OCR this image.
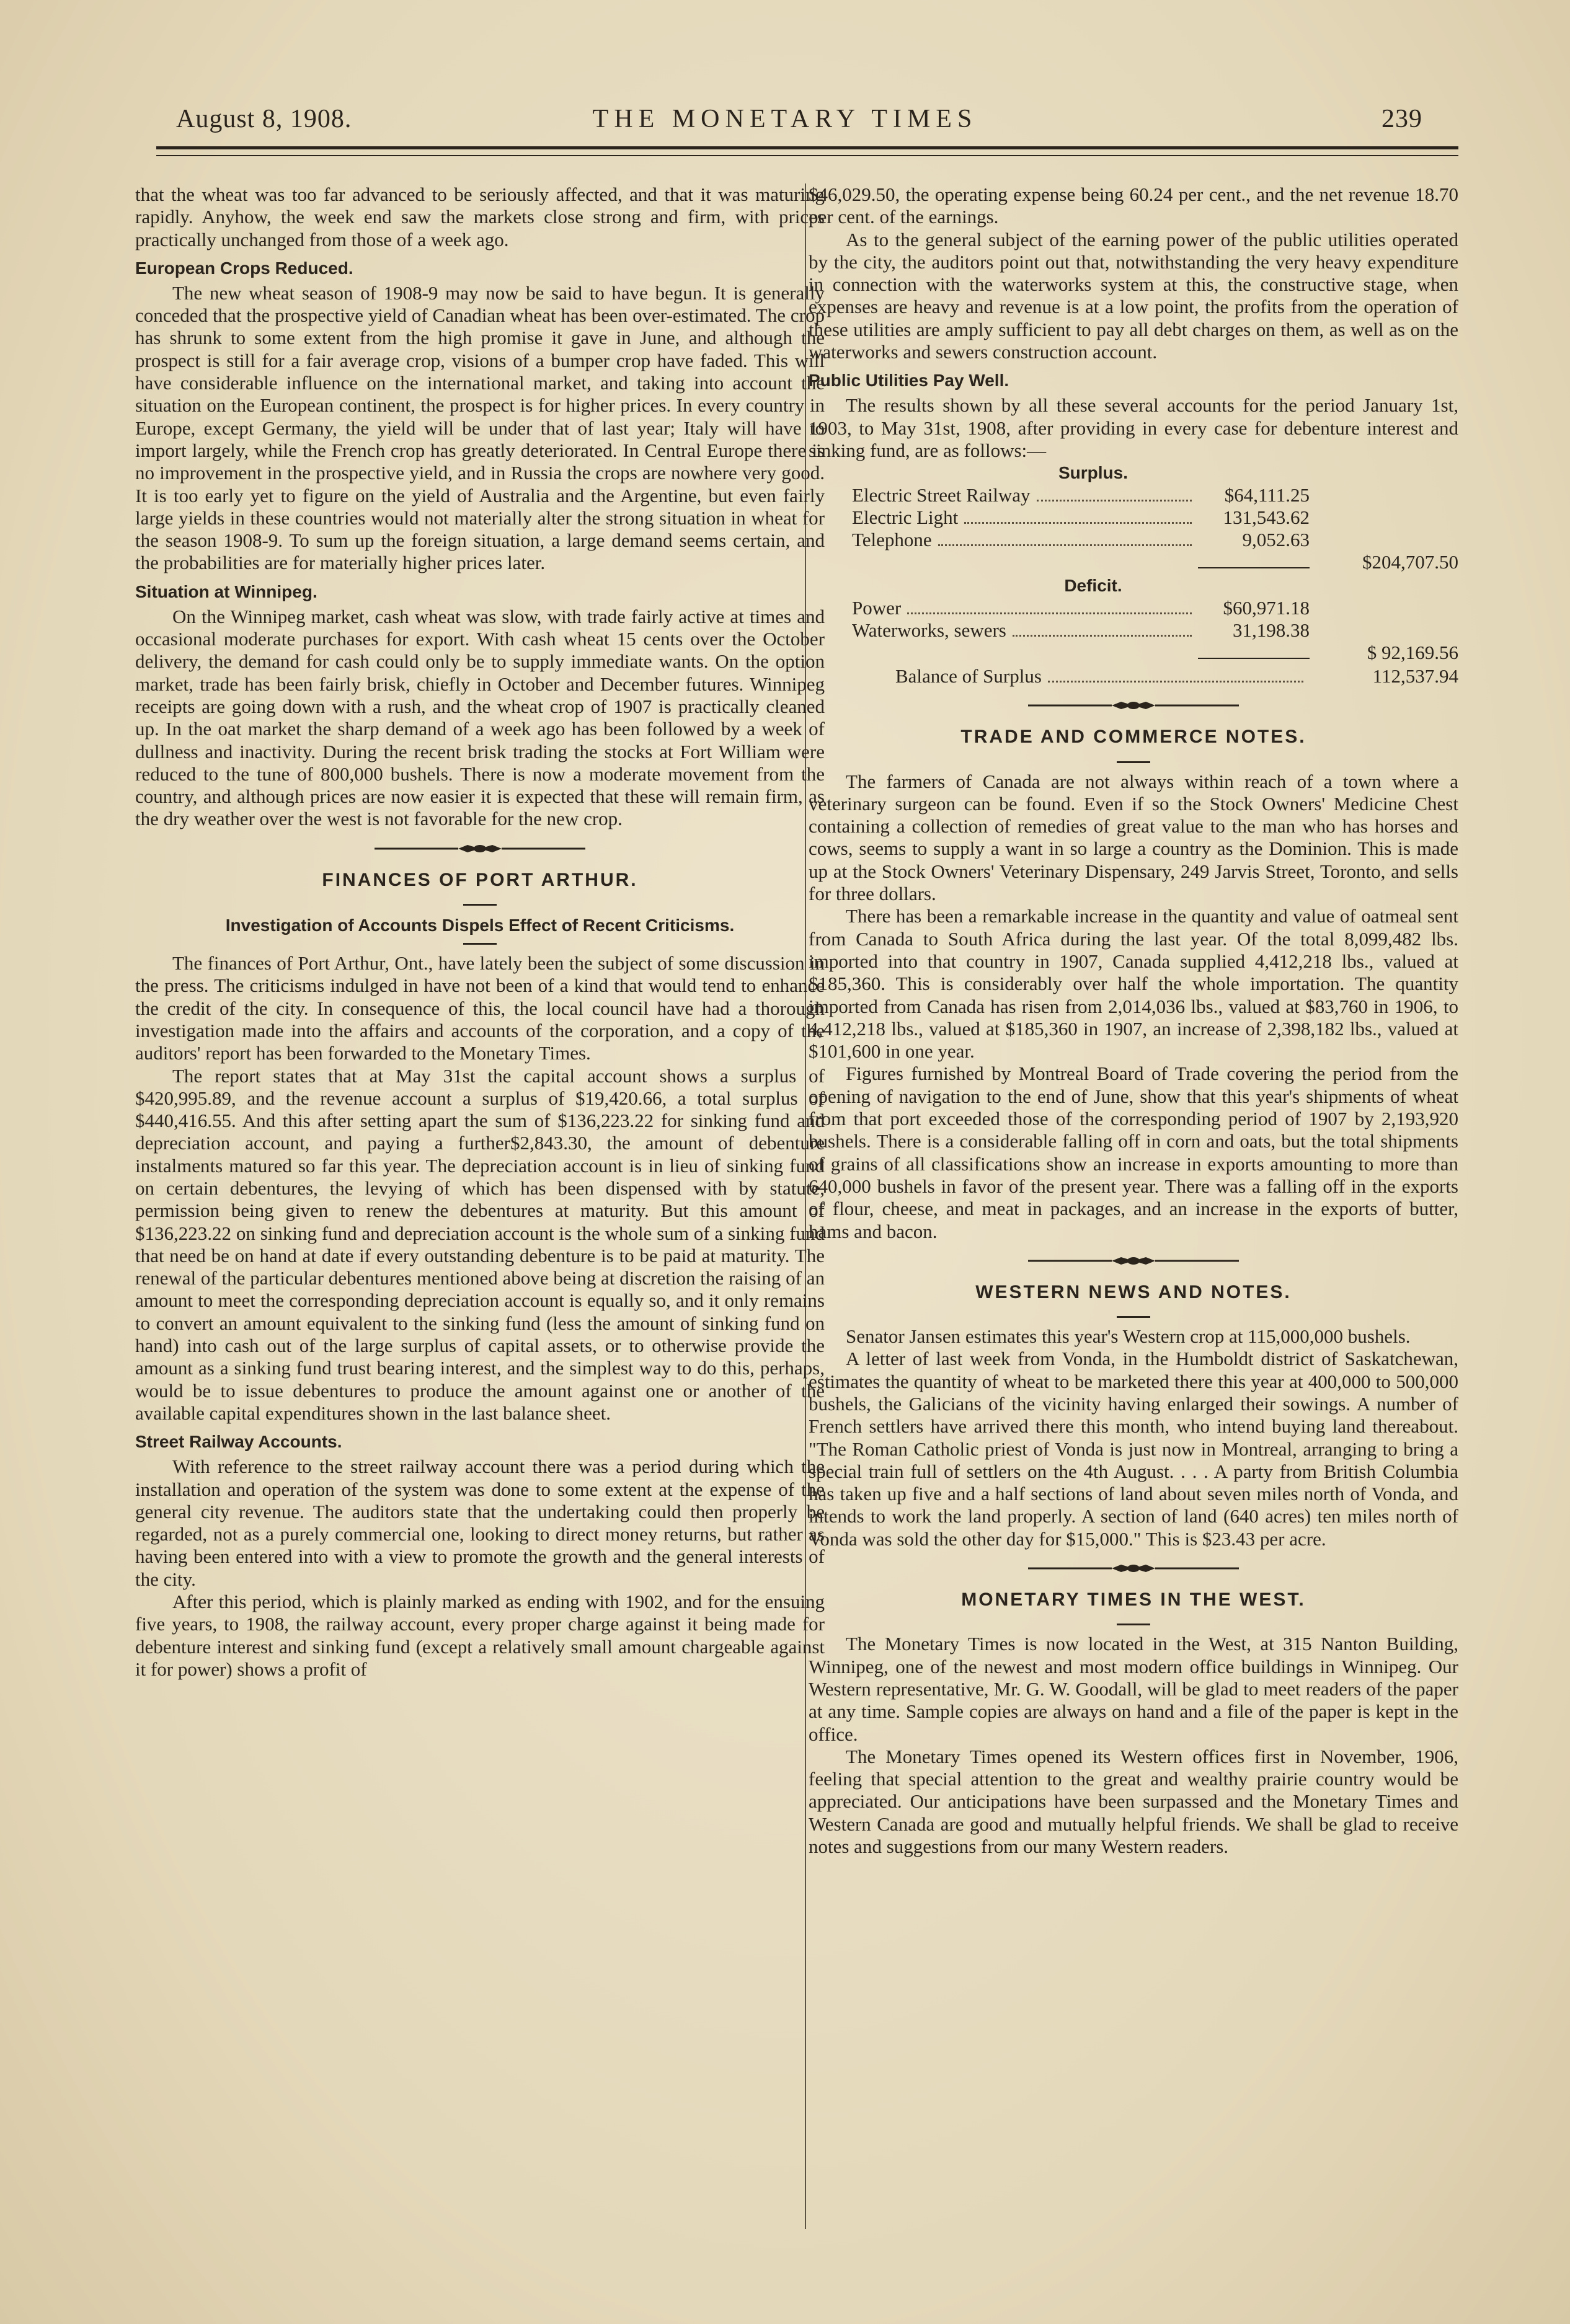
August 8, 1908.	THE MONETARY TIMES	239

that the wheat was too far advanced to be seriously affected, and that it was maturing rapidly. Anyhow, the week end saw the markets close strong and firm, with prices practically unchanged from those of a week ago.

European Crops Reduced.

The new wheat season of 1908-9 may now be said to have begun. It is generally conceded that the prospective yield of Canadian wheat has been over-estimated. The crop has shrunk to some extent from the high promise it gave in June, and although the prospect is still for a fair average crop, visions of a bumper crop have faded. This will have considerable influence on the international market, and taking into account the situation on the European continent, the prospect is for higher prices. In every country in Europe, except Germany, the yield will be under that of last year; Italy will have to import largely, while the French crop has greatly deteriorated. In Central Europe there is no improvement in the prospective yield, and in Russia the crops are nowhere very good. It is too early yet to figure on the yield of Australia and the Argentine, but even fairly large yields in these countries would not materially alter the strong situation in wheat for the season 1908-9. To sum up the foreign situation, a large demand seems certain, and the probabilities are for materially higher prices later.

Situation at Winnipeg.

On the Winnipeg market, cash wheat was slow, with trade fairly active at times and occasional moderate purchases for export. With cash wheat 15 cents over the October delivery, the demand for cash could only be to supply immediate wants. On the option market, trade has been fairly brisk, chiefly in October and December futures. Winnipeg receipts are going down with a rush, and the wheat crop of 1907 is practically cleaned up. In the oat market the sharp demand of a week ago has been followed by a week of dullness and inactivity. During the recent brisk trading the stocks at Fort William were reduced to the tune of 800,000 bushels. There is now a moderate movement from the country, and although prices are now easier it is expected that these will remain firm, as the dry weather over the west is not favorable for the new crop.

FINANCES OF PORT ARTHUR.
Investigation of Accounts Dispels Effect of Recent Criticisms.

The finances of Port Arthur, Ont., have lately been the subject of some discussion in the press. The criticisms indulged in have not been of a kind that would tend to enhance the credit of the city. In consequence of this, the local council have had a thorough investigation made into the affairs and accounts of the corporation, and a copy of the auditors' report has been forwarded to the Monetary Times.

The report states that at May 31st the capital account shows a surplus of $420,995.89, and the revenue account a surplus of $19,420.66, a total surplus of $440,416.55. And this after setting apart the sum of $136,223.22 for sinking fund and depreciation account, and paying a further$2,843.30, the amount of debenture instalments matured so far this year. The depreciation account is in lieu of sinking fund on certain debentures, the levying of which has been dispensed with by statute, permission being given to renew the debentures at maturity. But this amount of $136,223.22 on sinking fund and depreciation account is the whole sum of a sinking fund that need be on hand at date if every outstanding debenture is to be paid at maturity. The renewal of the particular debentures mentioned above being at discretion the raising of an amount to meet the corresponding depreciation account is equally so, and it only remains to convert an amount equivalent to the sinking fund (less the amount of sinking fund on hand) into cash out of the large surplus of capital assets, or to otherwise provide the amount as a sinking fund trust bearing interest, and the simplest way to do this, perhaps, would be to issue debentures to produce the amount against one or another of the available capital expenditures shown in the last balance sheet.

Street Railway Accounts.

With reference to the street railway account there was a period during which the installation and operation of the system was done to some extent at the expense of the general city revenue. The auditors state that the undertaking could then properly be regarded, not as a purely commercial one, looking to direct money returns, but rather as having been entered into with a view to promote the growth and the general interests of the city.

After this period, which is plainly marked as ending with 1902, and for the ensuing five years, to 1908, the railway account, every proper charge against it being made for debenture interest and sinking fund (except a relatively small amount chargeable against it for power) shows a profit of

$46,029.50, the operating expense being 60.24 per cent., and the net revenue 18.70 per cent. of the earnings.

As to the general subject of the earning power of the public utilities operated by the city, the auditors point out that, notwithstanding the very heavy expenditure in connection with the waterworks system at this, the constructive stage, when expenses are heavy and revenue is at a low point, the profits from the operation of these utilities are amply sufficient to pay all debt charges on them, as well as on the waterworks and sewers construction account.

Public Utilities Pay Well.

The results shown by all these several accounts for the period January 1st, 1903, to May 31st, 1908, after providing in every case for debenture interest and sinking fund, are as follows:—

Surplus.
Electric Street Railway	$64,111.25
Electric Light	131,543.62
Telephone	9,052.63
$204,707.50
Deficit.
Power	$60,971.18
Waterworks, sewers	31,198.38
$ 92,169.56
Balance of Surplus	112,537.94
TRADE AND COMMERCE NOTES.

The farmers of Canada are not always within reach of a town where a veterinary surgeon can be found. Even if so the Stock Owners' Medicine Chest containing a collection of remedies of great value to the man who has horses and cows, seems to supply a want in so large a country as the Dominion. This is made up at the Stock Owners' Veterinary Dispensary, 249 Jarvis Street, Toronto, and sells for three dollars.

There has been a remarkable increase in the quantity and value of oatmeal sent from Canada to South Africa during the last year. Of the total 8,099,482 lbs. imported into that country in 1907, Canada supplied 4,412,218 lbs., valued at $185,360. This is considerably over half the whole importation. The quantity imported from Canada has risen from 2,014,036 lbs., valued at $83,760 in 1906, to 4,412,218 lbs., valued at $185,360 in 1907, an increase of 2,398,182 lbs., valued at $101,600 in one year.

Figures furnished by Montreal Board of Trade covering the period from the opening of navigation to the end of June, show that this year's shipments of wheat from that port exceeded those of the corresponding period of 1907 by 2,193,920 bushels. There is a considerable falling off in corn and oats, but the total shipments of grains of all classifications show an increase in exports amounting to more than 640,000 bushels in favor of the present year. There was a falling off in the exports of flour, cheese, and meat in packages, and an increase in the exports of butter, hams and bacon.

WESTERN NEWS AND NOTES.

Senator Jansen estimates this year's Western crop at 115,000,000 bushels.

A letter of last week from Vonda, in the Humboldt district of Saskatchewan, estimates the quantity of wheat to be marketed there this year at 400,000 to 500,000 bushels, the Galicians of the vicinity having enlarged their sowings. A number of French settlers have arrived there this month, who intend buying land thereabout. "The Roman Catholic priest of Vonda is just now in Montreal, arranging to bring a special train full of settlers on the 4th August. . . . A party from British Columbia has taken up five and a half sections of land about seven miles north of Vonda, and intends to work the land properly. A section of land (640 acres) ten miles north of Vonda was sold the other day for $15,000." This is $23.43 per acre.

MONETARY TIMES IN THE WEST.

The Monetary Times is now located in the West, at 315 Nanton Building, Winnipeg, one of the newest and most modern office buildings in Winnipeg. Our Western representative, Mr. G. W. Goodall, will be glad to meet readers of the paper at any time. Sample copies are always on hand and a file of the paper is kept in the office.

The Monetary Times opened its Western offices first in November, 1906, feeling that special attention to the great and wealthy prairie country would be appreciated. Our anticipations have been surpassed and the Monetary Times and Western Canada are good and mutually helpful friends. We shall be glad to receive notes and suggestions from our many Western readers.
